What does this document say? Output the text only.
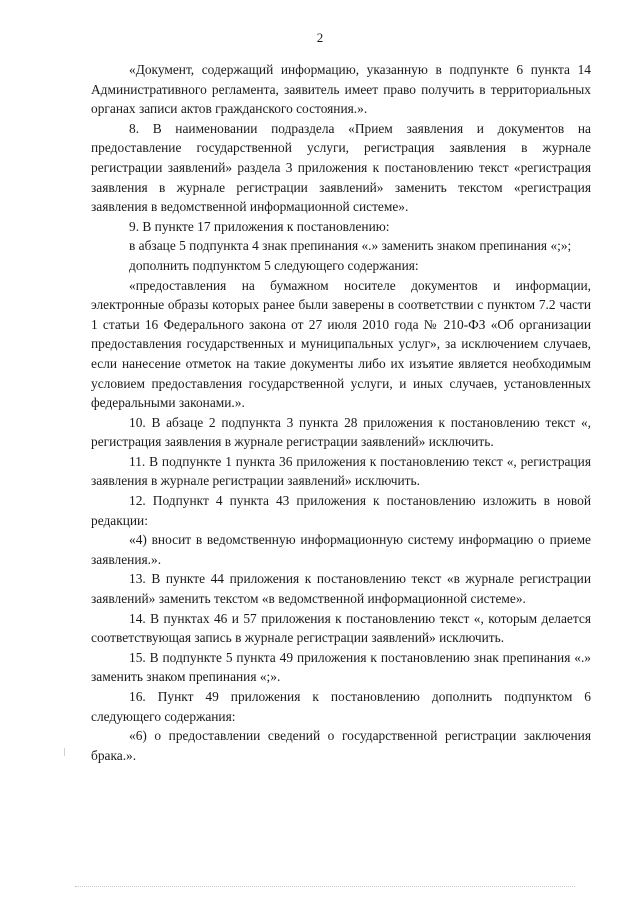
2

«Документ, содержащий информацию, указанную в подпункте 6 пункта 14 Административного регламента, заявитель имеет право получить в территориальных органах записи актов гражданского состояния.».

8. В наименовании подраздела «Прием заявления и документов на предоставление государственной услуги, регистрация заявления в журнале регистрации заявлений» раздела 3 приложения к постановлению текст «регистрация заявления в журнале регистрации заявлений» заменить текстом «регистрация заявления в ведомственной информационной системе».

9. В пункте 17 приложения к постановлению:

в абзаце 5 подпункта 4 знак препинания «.» заменить знаком препинания «;»;

дополнить подпунктом 5 следующего содержания:

«предоставления на бумажном носителе документов и информации, электронные образы которых ранее были заверены в соответствии с пунктом 7.2 части 1 статьи 16 Федерального закона от 27 июля 2010 года № 210-ФЗ «Об организации предоставления государственных и муниципальных услуг», за исключением случаев, если нанесение отметок на такие документы либо их изъятие является необходимым условием предоставления государственной услуги, и иных случаев, установленных федеральными законами.».

10. В абзаце 2 подпункта 3 пункта 28 приложения к постановлению текст «, регистрация заявления в журнале регистрации заявлений» исключить.

11. В подпункте 1 пункта 36 приложения к постановлению текст «, регистрация заявления в журнале регистрации заявлений» исключить.

12. Подпункт 4 пункта 43 приложения к постановлению изложить в новой редакции:

«4) вносит в ведомственную информационную систему информацию о приеме заявления.».

13. В пункте 44 приложения к постановлению текст «в журнале регистрации заявлений» заменить текстом «в ведомственной информационной системе».

14. В пунктах 46 и 57 приложения к постановлению текст «, которым делается соответствующая запись в журнале регистрации заявлений» исключить.

15. В подпункте 5 пункта 49 приложения к постановлению знак препинания «.» заменить знаком препинания «;».

16. Пункт 49 приложения к постановлению дополнить подпунктом 6 следующего содержания:

«6) о предоставлении сведений о государственной регистрации заключения брака.».
